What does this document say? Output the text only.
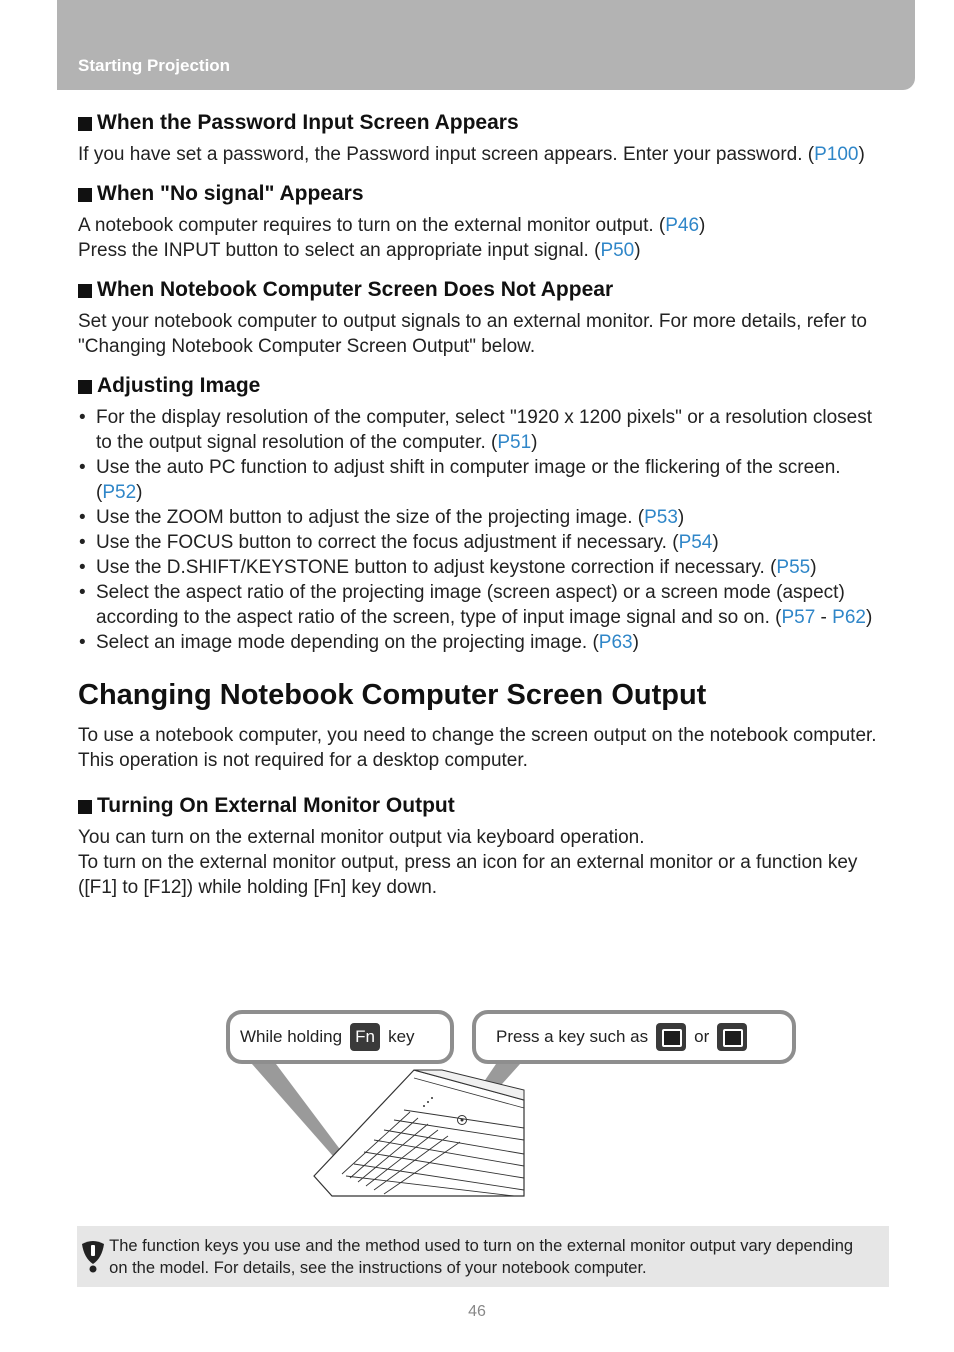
Starting Projection
When the Password Input Screen Appears

If you have set a password, the Password input screen appears. Enter your password. (P100)

When "No signal" Appears

A notebook computer requires to turn on the external monitor output. (P46)

Press the INPUT button to select an appropriate input signal. (P50)

When Notebook Computer Screen Does Not Appear

Set your notebook computer to output signals to an external monitor. For more details, refer to "Changing Notebook Computer Screen Output" below.

Adjusting Image
• For the display resolution of the computer, select "1920 x 1200 pixels" or a resolution closest to the output signal resolution of the computer. (P51)
• Use the auto PC function to adjust shift in computer image or the flickering of the screen. (P52)
• Use the ZOOM button to adjust the size of the projecting image. (P53)
• Use the FOCUS button to correct the focus adjustment if necessary. (P54)
• Use the D.SHIFT/KEYSTONE button to adjust keystone correction if necessary. (P55)
• Select the aspect ratio of the projecting image (screen aspect) or a screen mode (aspect) according to the aspect ratio of the screen, type of input image signal and so on. (P57 - P62)
• Select an image mode depending on the projecting image. (P63)
Changing Notebook Computer Screen Output

To use a notebook computer, you need to change the screen output on the notebook computer.

This operation is not required for a desktop computer.

Turning On External Monitor Output

You can turn on the external monitor output via keyboard operation.

To turn on the external monitor output, press an icon for an external monitor or a function key ([F1] to [F12]) while holding [Fn] key down.

While holding Fn key	Press a key such as	or

The function keys you use and the method used to turn on the external monitor output vary depending on the model. For details, see the instructions of your notebook computer.

46
